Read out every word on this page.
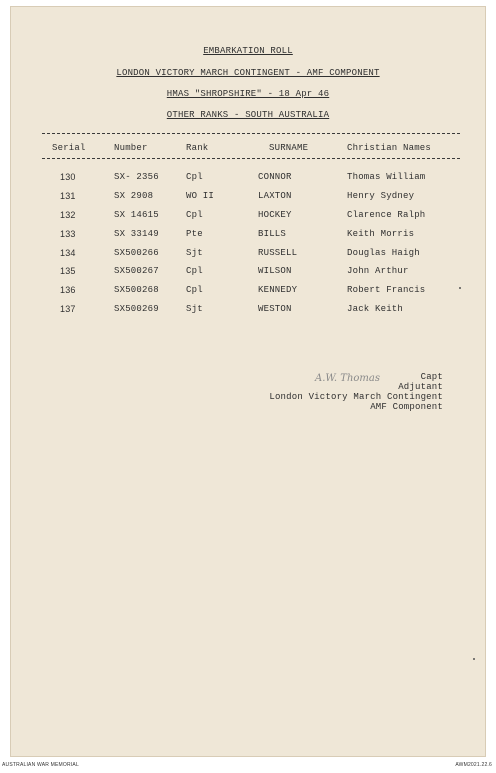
EMBARKATION ROLL
LONDON VICTORY MARCH CONTINGENT - AMF COMPONENT
HMAS "SHROPSHIRE" - 18 Apr 46
OTHER RANKS - SOUTH AUSTRALIA
Serial	Number	Rank	SURNAME	Christian Names
130	SX- 2356	Cpl	CONNOR	Thomas William
131	SX 2908	WO II	LAXTON	Henry Sydney
132	SX 14615	Cpl	HOCKEY	Clarence Ralph
133	SX 33149	Pte	BILLS	Keith Morris
134	SX500266	Sjt	RUSSELL	Douglas Haigh
135	SX500267	Cpl	WILSON	John Arthur
136	SX500268	Cpl	KENNEDY	Robert Francis
137	SX500269	Sjt	WESTON	Jack Keith
A.W. Thomas	Capt
Adjutant
London Victory March Contingent
AMF Component
AUSTRALIAN WAR MEMORIAL	AWM2021.22.6
